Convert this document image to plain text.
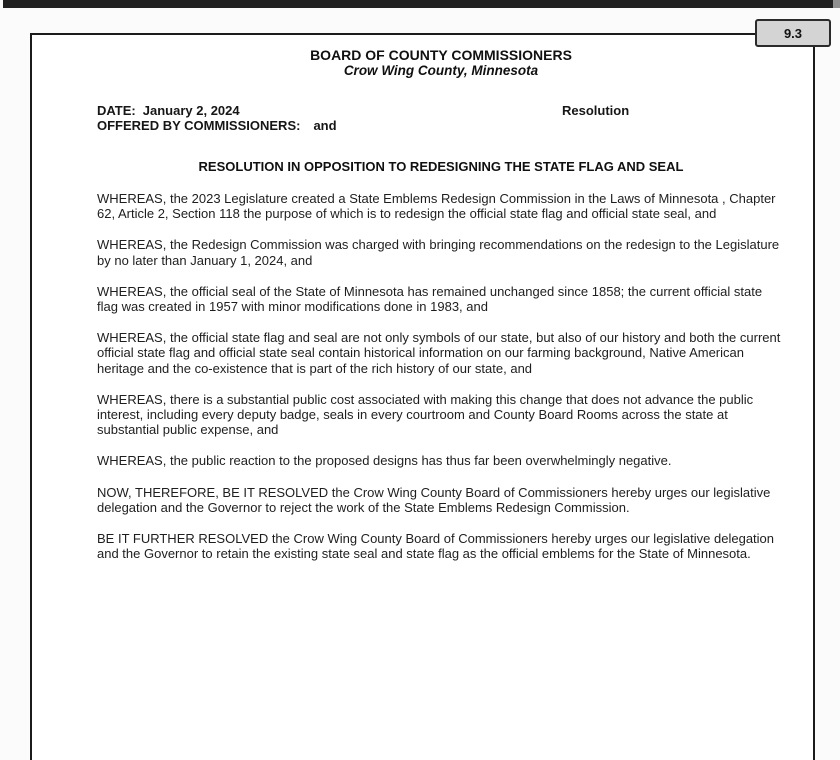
9.3
BOARD OF COUNTY COMMISSIONERS
Crow Wing County, Minnesota
DATE: January 2, 2024	Resolution
OFFERED BY COMMISSIONERS: and
RESOLUTION IN OPPOSITION TO REDESIGNING THE STATE FLAG AND SEAL

WHEREAS, the 2023 Legislature created a State Emblems Redesign Commission in the Laws of Minnesota , Chapter 62, Article 2, Section 118 the purpose of which is to redesign the official state flag and official state seal, and

WHEREAS, the Redesign Commission was charged with bringing recommendations on the redesign to the Legislature by no later than January 1, 2024, and

WHEREAS, the official seal of the State of Minnesota has remained unchanged since 1858; the current official state flag was created in 1957 with minor modifications done in 1983, and

WHEREAS, the official state flag and seal are not only symbols of our state, but also of our history and both the current official state flag and official state seal contain historical information on our farming background, Native American heritage and the co-existence that is part of the rich history of our state, and

WHEREAS, there is a substantial public cost associated with making this change that does not advance the public interest, including every deputy badge, seals in every courtroom and County Board Rooms across the state at substantial public expense, and

WHEREAS, the public reaction to the proposed designs has thus far been overwhelmingly negative.

NOW, THEREFORE, BE IT RESOLVED the Crow Wing County Board of Commissioners hereby urges our legislative delegation and the Governor to reject the work of the State Emblems Redesign Commission.

BE IT FURTHER RESOLVED the Crow Wing County Board of Commissioners hereby urges our legislative delegation and the Governor to retain the existing state seal and state flag as the official emblems for the State of Minnesota.
